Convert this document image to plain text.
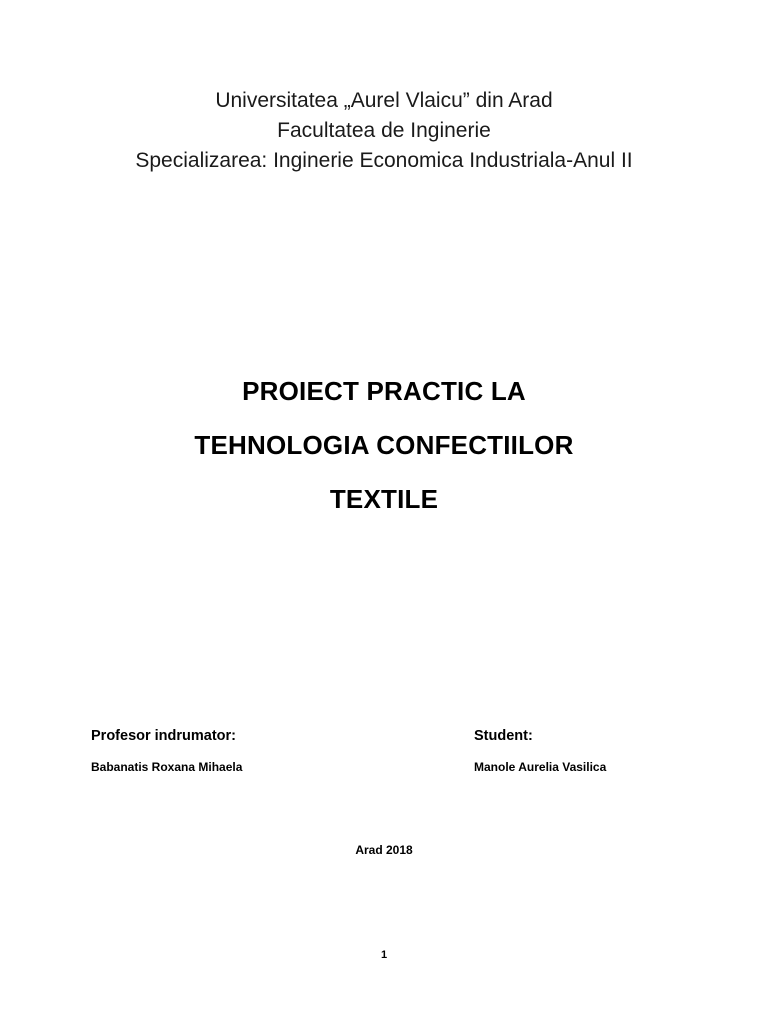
Universitatea „Aurel Vlaicu” din Arad
Facultatea de Inginerie
Specializarea: Inginerie Economica Industriala-Anul II
PROIECT PRACTIC LA
TEHNOLOGIA CONFECTIILOR
TEXTILE
Profesor indrumator:	Student:
Babanatis Roxana Mihaela	Manole Aurelia Vasilica
Arad 2018
1
